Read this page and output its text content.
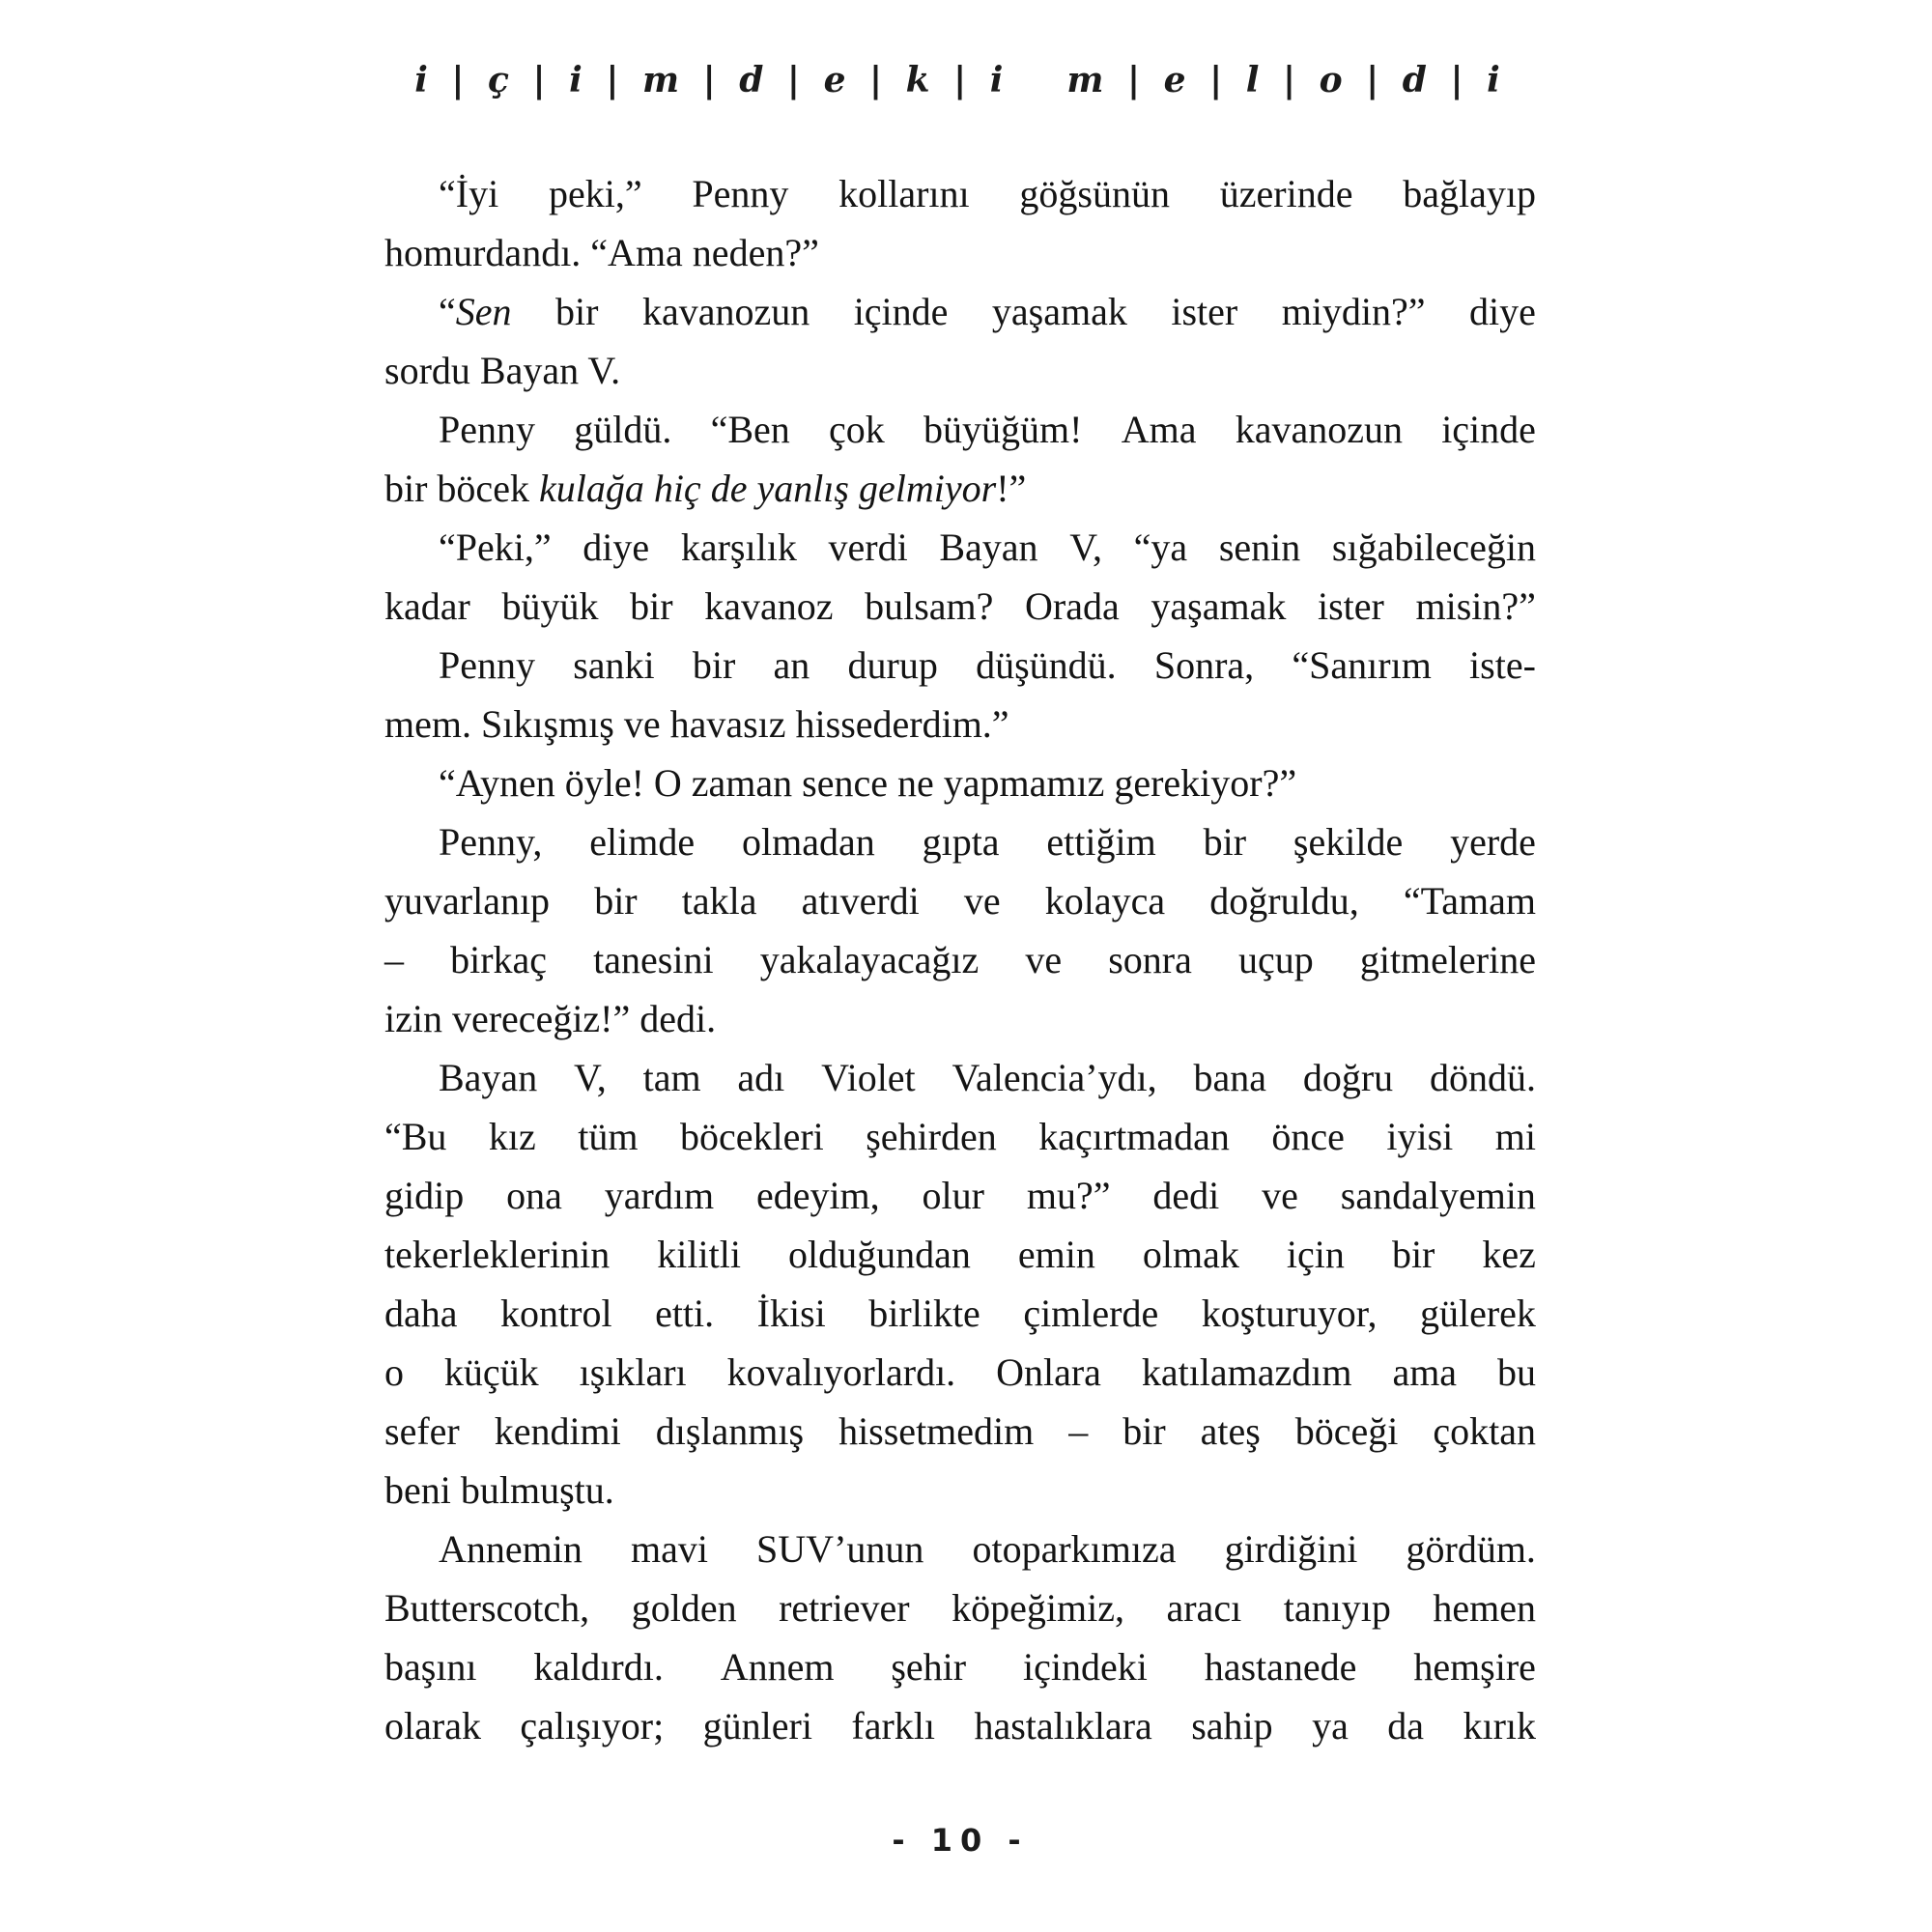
i | ç | i | m | d | e | k | i m | e | l | o | d | i
“İyi peki,” Penny kollarını göğsünün üzerinde bağlayıp
homurdandı. “Ama neden?”
“Sen bir kavanozun içinde yaşamak ister miydin?” diye
sordu Bayan V.
Penny güldü. “Ben çok büyüğüm! Ama kavanozun içinde
bir böcek kulağa hiç de yanlış gelmiyor!”
“Peki,” diye karşılık verdi Bayan V, “ya senin sığabileceğin
kadar büyük bir kavanoz bulsam? Orada yaşamak ister misin?”
Penny sanki bir an durup düşündü. Sonra, “Sanırım iste-
mem. Sıkışmış ve havasız hissederdim.”
“Aynen öyle! O zaman sence ne yapmamız gerekiyor?”
Penny, elimde olmadan gıpta ettiğim bir şekilde yerde
yuvarlanıp bir takla atıverdi ve kolayca doğruldu, “Tamam
– birkaç tanesini yakalayacağız ve sonra uçup gitmelerine
izin vereceğiz!” dedi.
Bayan V, tam adı Violet Valencia’ydı, bana doğru döndü.
“Bu kız tüm böcekleri şehirden kaçırtmadan önce iyisi mi
gidip ona yardım edeyim, olur mu?” dedi ve sandalyemin
tekerleklerinin kilitli olduğundan emin olmak için bir kez
daha kontrol etti. İkisi birlikte çimlerde koşturuyor, gülerek
o küçük ışıkları kovalıyorlardı. Onlara katılamazdım ama bu
sefer kendimi dışlanmış hissetmedim – bir ateş böceği çoktan
beni bulmuştu.
Annemin mavi SUV’unun otoparkımıza girdiğini gördüm.
Butterscotch, golden retriever köpeğimiz, aracı tanıyıp hemen
başını kaldırdı. Annem şehir içindeki hastanede hemşire
olarak çalışıyor; günleri farklı hastalıklara sahip ya da kırık
- 10 -
